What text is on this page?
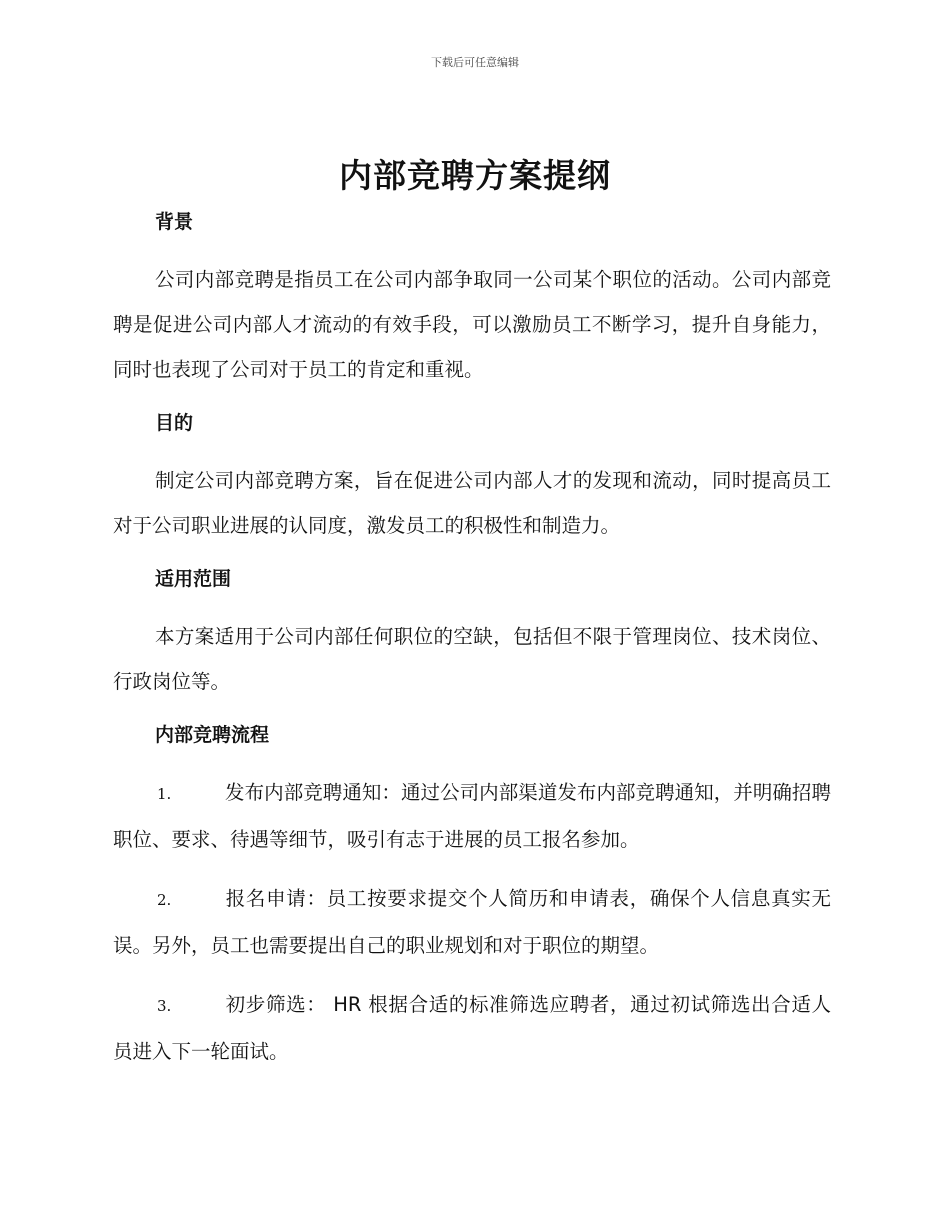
下载后可任意编辑
内部竞聘方案提纲
背景

公司内部竞聘是指员工在公司内部争取同一公司某个职位的活动。公司内部竞聘是促进公司内部人才流动的有效手段，可以激励员工不断学习，提升自身能力，同时也表现了公司对于员工的肯定和重视。

目的

制定公司内部竞聘方案，旨在促进公司内部人才的发现和流动，同时提高员工对于公司职业进展的认同度，激发员工的积极性和制造力。

适用范围

本方案适用于公司内部任何职位的空缺，包括但不限于管理岗位、技术岗位、行政岗位等。

内部竞聘流程

1.	发布内部竞聘通知：通过公司内部渠道发布内部竞聘通知，并明确招聘职位、要求、待遇等细节，吸引有志于进展的员工报名参加。

2.	报名申请：员工按要求提交个人简历和申请表，确保个人信息真实无误。另外，员工也需要提出自己的职业规划和对于职位的期望。

3.	初步筛选： HR 根据合适的标准筛选应聘者，通过初试筛选出合适人员进入下一轮面试。
